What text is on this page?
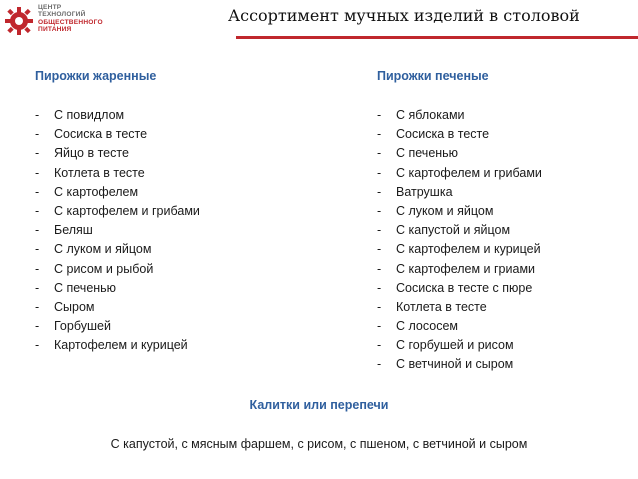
ЦЕНТР
ТЕХНОЛОГИЙ
ОБЩЕСТВЕННОГО
ПИТАНИЯ
Ассортимент мучных изделий в столовой
Пирожки жаренные
- С повидлом
- Сосиска в тесте
- Яйцо в тесте
- Котлета в тесте
- С картофелем
- С картофелем и грибами
- Беляш
- С луком и яйцом
- С рисом и рыбой
- С печенью
- Сыром
- Горбушей
- Картофелем и курицей
Пирожки печеные
- С яблоками
- Сосиска в тесте
- С печенью
- С картофелем и грибами
- Ватрушка
- С луком и яйцом
- С капустой и яйцом
- С картофелем и курицей
- С картофелем и гриами
- Сосиска в тесте с пюре
- Котлета в тесте
- С лососем
- С горбушей и рисом
- С ветчиной и сыром
Калитки или перепечи
С капустой, с мясным фаршем, с рисом, с пшеном, с ветчиной и сыром
